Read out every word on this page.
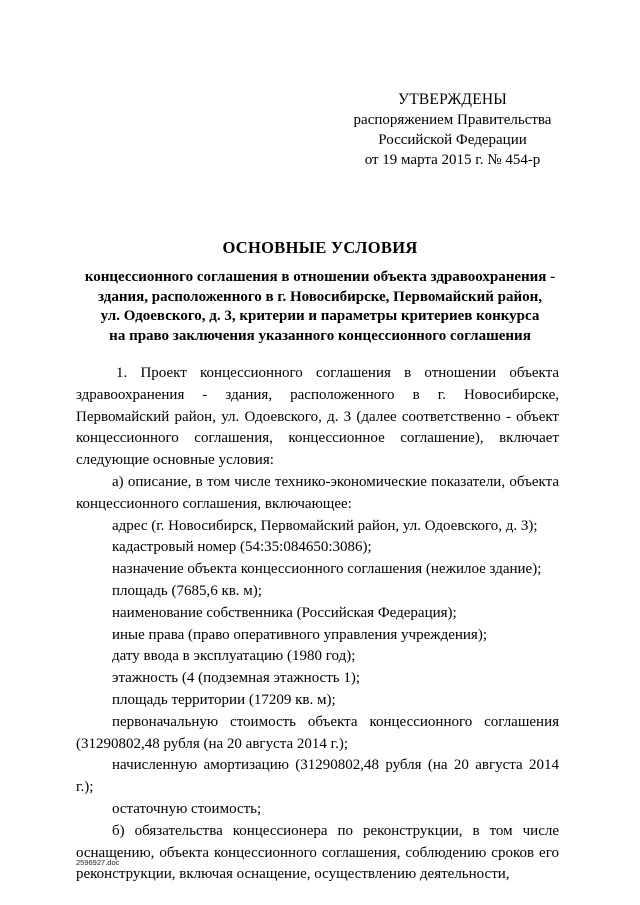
УТВЕРЖДЕНЫ
распоряжением Правительства
Российской Федерации
от 19 марта 2015 г. № 454-р
ОСНОВНЫЕ УСЛОВИЯ
концессионного соглашения в отношении объекта здравоохранения -
здания, расположенного в г. Новосибирске, Первомайский район,
ул. Одоевского, д. 3, критерии и параметры критериев конкурса
на право заключения указанного концессионного соглашения

1. Проект концессионного соглашения в отношении объекта здравоохранения - здания, расположенного в г. Новосибирске, Первомайский район, ул. Одоевского, д. 3 (далее соответственно - объект концессионного соглашения, концессионное соглашение), включает следующие основные условия:

а) описание, в том числе технико-экономические показатели, объекта концессионного соглашения, включающее:

адрес (г. Новосибирск, Первомайский район, ул. Одоевского, д. 3);

кадастровый номер (54:35:084650:3086);

назначение объекта концессионного соглашения (нежилое здание);

площадь (7685,6 кв. м);

наименование собственника (Российская Федерация);

иные права (право оперативного управления учреждения);

дату ввода в эксплуатацию (1980 год);

этажность (4 (подземная этажность 1);

площадь территории (17209 кв. м);

первоначальную стоимость объекта концессионного соглашения (31290802,48 рубля (на 20 августа 2014 г.);

начисленную амортизацию (31290802,48 рубля (на 20 августа 2014 г.);

остаточную стоимость;

б) обязательства концессионера по реконструкции, в том числе оснащению, объекта концессионного соглашения, соблюдению сроков его реконструкции, включая оснащение, осуществлению деятельности,

2596927.doc
